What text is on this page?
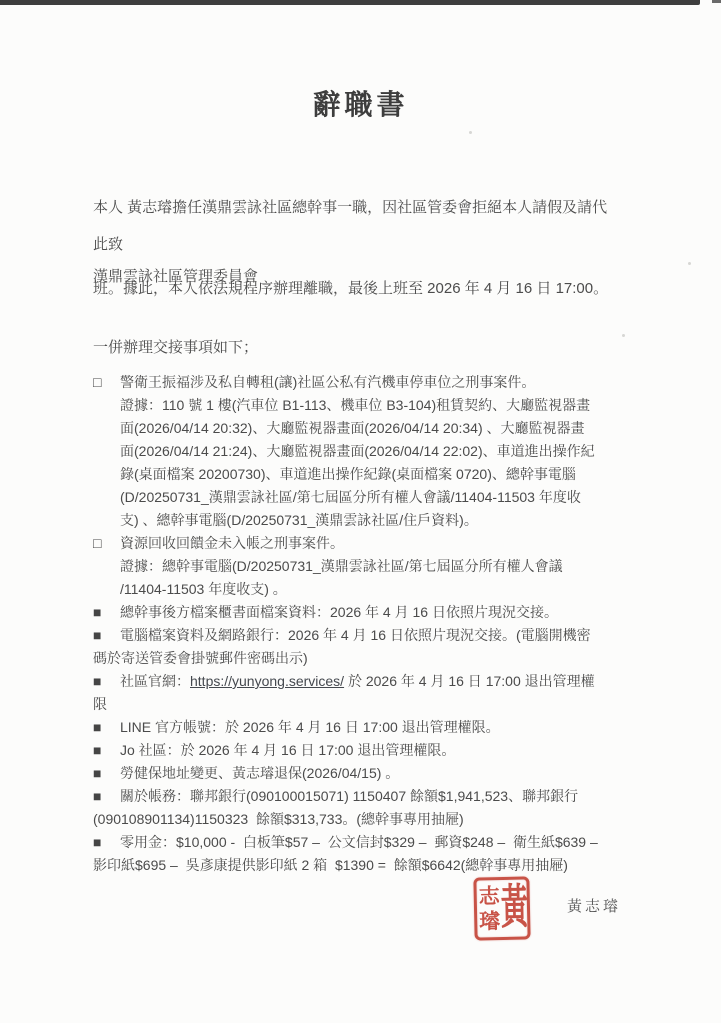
辭職書

本人 黃志璿擔任漢鼎雲詠社區總幹事一職，因社區管委會拒絕本人請假及請代

班。據此，本人依法規程序辦理離職，最後上班至 2026 年 4 月 16 日 17:00。

此致
漢鼎雲詠社區管理委員會
一併辦理交接事項如下；
□ 警衛王振福涉及私自轉租(讓)社區公私有汽機車停車位之刑事案件。
證據：110 號 1 樓(汽車位 B1-113、機車位 B3-104)租賃契約、大廳監視器畫
面(2026/04/14 20:32)、大廳監視器畫面(2026/04/14 20:34) 、大廳監視器畫
面(2026/04/14 21:24)、大廳監視器畫面(2026/04/14 22:02)、車道進出操作紀
錄(桌面檔案 20200730)、車道進出操作紀錄(桌面檔案 0720)、總幹事電腦
(D/20250731_漢鼎雲詠社區/第七屆區分所有權人會議/11404-11503 年度收
支) 、總幹事電腦(D/20250731_漢鼎雲詠社區/住戶資料)。
□ 資源回收回饋金未入帳之刑事案件。
證據：總幹事電腦(D/20250731_漢鼎雲詠社區/第七屆區分所有權人會議
/11404-11503 年度收支) 。
■ 總幹事後方檔案櫃書面檔案資料：2026 年 4 月 16 日依照片現況交接。
■ 電腦檔案資料及網路銀行：2026 年 4 月 16 日依照片現況交接。(電腦開機密
碼於寄送管委會掛號郵件密碼出示)
■ 社區官網：https://yunyong.services/ 於 2026 年 4 月 16 日 17:00 退出管理權
限
■ LINE 官方帳號：於 2026 年 4 月 16 日 17:00 退出管理權限。
■ Jo 社區：於 2026 年 4 月 16 日 17:00 退出管理權限。
■ 勞健保地址變更、黃志璿退保(2026/04/15) 。
■ 關於帳務：聯邦銀行(090100015071) 1150407 餘額$1,941,523、聯邦銀行
(090108901134)1150323  餘額$313,733。(總幹事專用抽屜)
■ 零用金：$10,000 -  白板筆$57 –  公文信封$329 –  郵資$248 –  衛生紙$639 –
影印紙$695 –  吳彥康提供影印紙 2 箱  $1390 =  餘額$6642(總幹事專用抽屜)
黃
志
璿
黃志璿
